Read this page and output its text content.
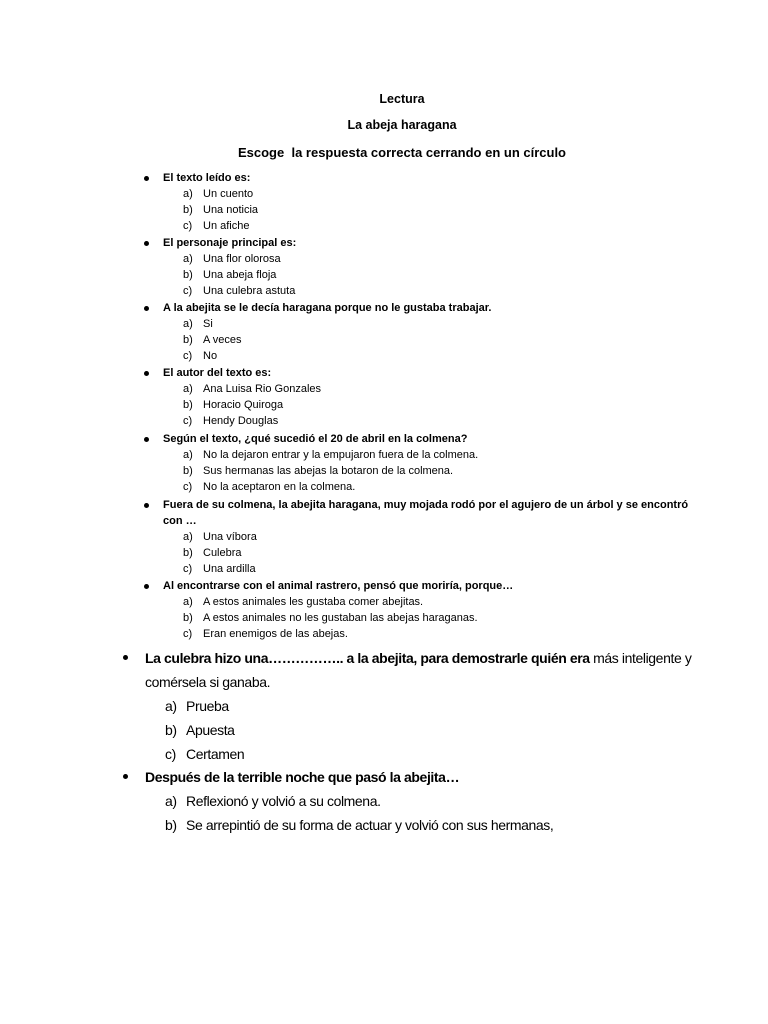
Lectura
La abeja haragana
Escoge  la respuesta correcta cerrando en un círculo
El texto leído es:
a) Un cuento
b) Una noticia
c) Un afiche
El personaje principal es:
a) Una flor olorosa
b) Una abeja floja
c) Una culebra astuta
A la abejita se le decía haragana porque no le gustaba trabajar.
a) Si
b) A veces
c) No
El autor del texto es:
a) Ana Luisa Rio Gonzales
b) Horacio Quiroga
c) Hendy Douglas
Según el texto, ¿qué sucedió el 20 de abril en la colmena?
a) No la dejaron entrar y la empujaron fuera de la colmena.
b) Sus hermanas las abejas la botaron de la colmena.
c) No la aceptaron en la colmena.
Fuera de su colmena, la abejita haragana, muy mojada rodó por el agujero de un árbol y se encontró con …
a) Una víbora
b) Culebra
c) Una ardilla
Al encontrarse con el animal rastrero, pensó que moriría, porque…
a) A estos animales les gustaba comer abejitas.
b) A estos animales no les gustaban las abejas haraganas.
c) Eran enemigos de las abejas.
La culebra hizo una…………….. a la abejita, para demostrarle quién era más inteligente y comérsela si ganaba.
a) Prueba
b) Apuesta
c) Certamen
Después de la terrible noche que pasó la abejita…
a) Reflexionó y volvió a su colmena.
b) Se arrepintió de su forma de actuar y volvió con sus hermanas,
